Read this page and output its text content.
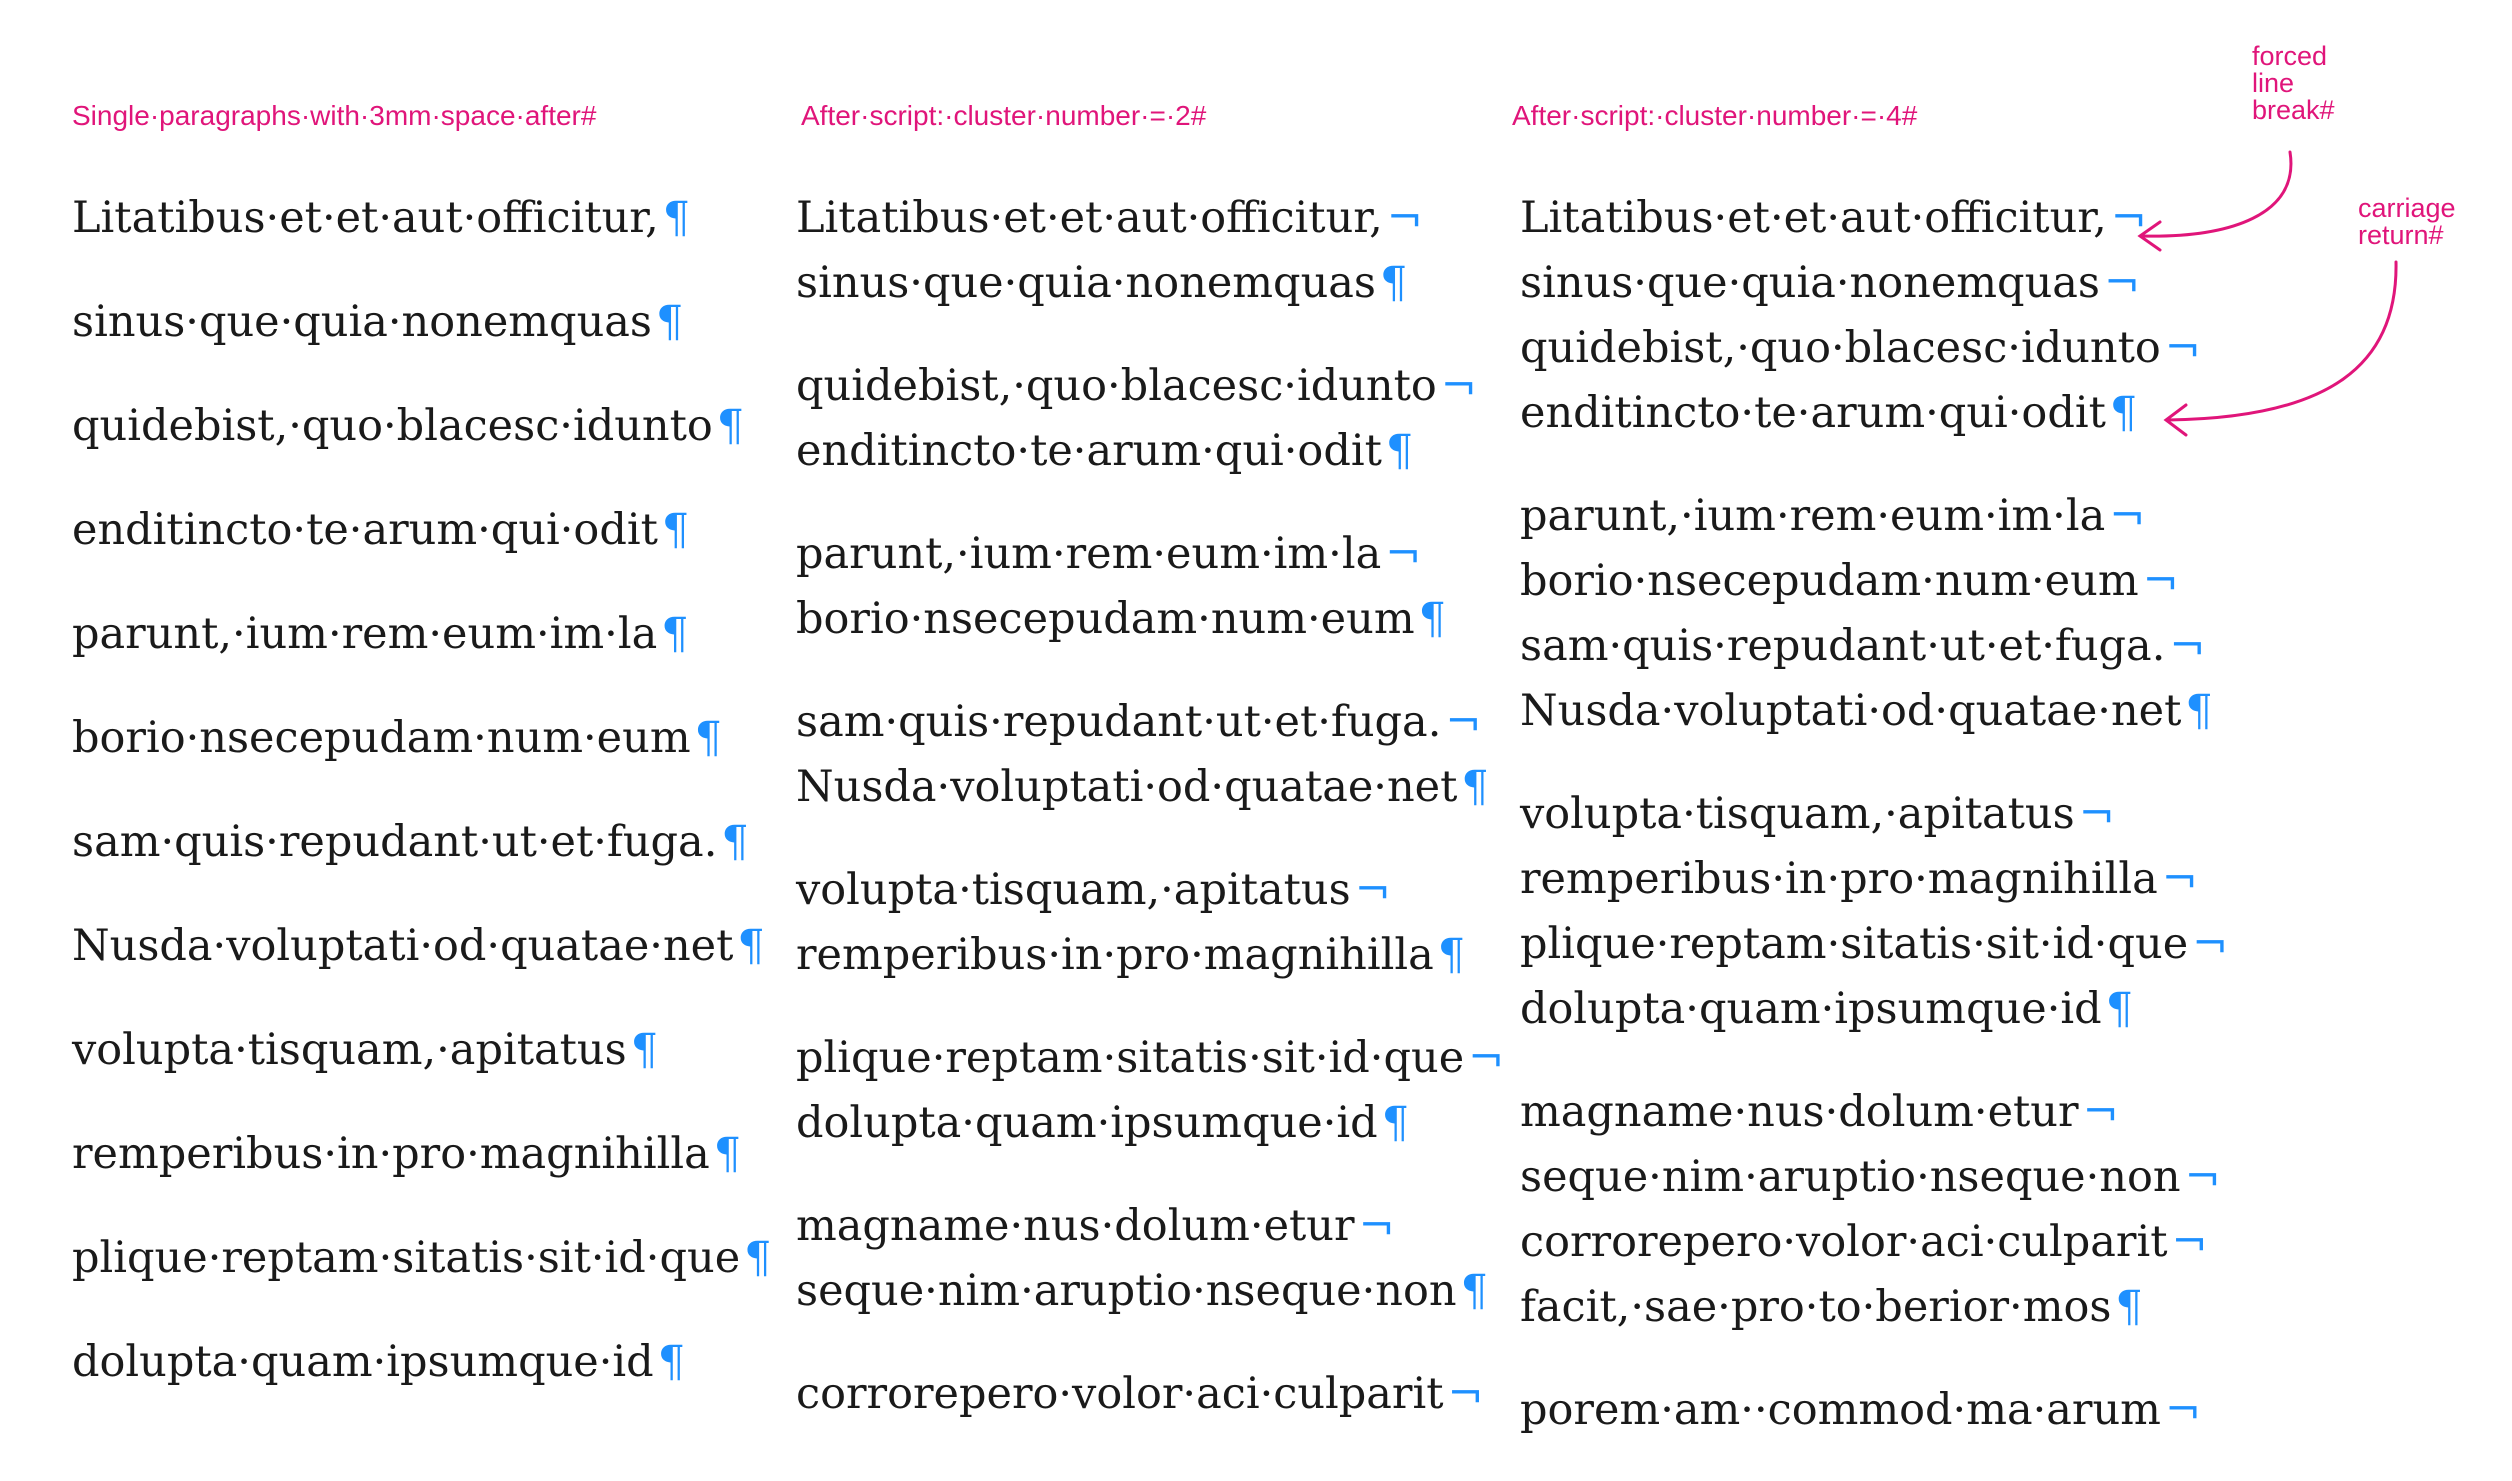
Single·paragraphs·with·3mm·space·after#	After·script:·cluster·number·=·2#	After·script:·cluster·number·=·4#

Litatibus·et·et·aut·officitur,¶

sinus·que·quia·nonemquas¶

quidebist,·quo·blacesc·idunto¶

enditincto·te·arum·qui·odit¶

parunt,·ium·rem·eum·im·la¶

borio·nsecepudam·num·eum¶

sam·quis·repudant·ut·et·fuga.¶

Nusda·voluptati·od·quatae·net¶

volupta·tisquam,·apitatus¶

remperibus·in·pro·magnihilla¶

plique·reptam·sitatis·sit·id·que¶

dolupta·quam·ipsumque·id¶

Litatibus·et·et·aut·officitur,¬
sinus·que·quia·nonemquas¶

quidebist,·quo·blacesc·idunto¬
enditincto·te·arum·qui·odit¶

parunt,·ium·rem·eum·im·la¬
borio·nsecepudam·num·eum¶

sam·quis·repudant·ut·et·fuga.¬
Nusda·voluptati·od·quatae·net¶

volupta·tisquam,·apitatus¬
remperibus·in·pro·magnihilla¶

plique·reptam·sitatis·sit·id·que¬
dolupta·quam·ipsumque·id¶

magname·nus·dolum·etur¬
seque·nim·aruptio·nseque·non¶

corrorepero·volor·aci·culparit¬

Litatibus·et·et·aut·officitur,¬
sinus·que·quia·nonemquas¬
quidebist,·quo·blacesc·idunto¬
enditincto·te·arum·qui·odit¶

parunt,·ium·rem·eum·im·la¬
borio·nsecepudam·num·eum¬
sam·quis·repudant·ut·et·fuga.¬
Nusda·voluptati·od·quatae·net¶

volupta·tisquam,·apitatus¬
remperibus·in·pro·magnihilla¬
plique·reptam·sitatis·sit·id·que¬
dolupta·quam·ipsumque·id¶

magname·nus·dolum·etur¬
seque·nim·aruptio·nseque·non¬
corrorepero·volor·aci·culparit¬
facit,·sae·pro·to·berior·mos¶

porem·am··commod·ma·arum¬

forced
line
break#
carriage
return#
